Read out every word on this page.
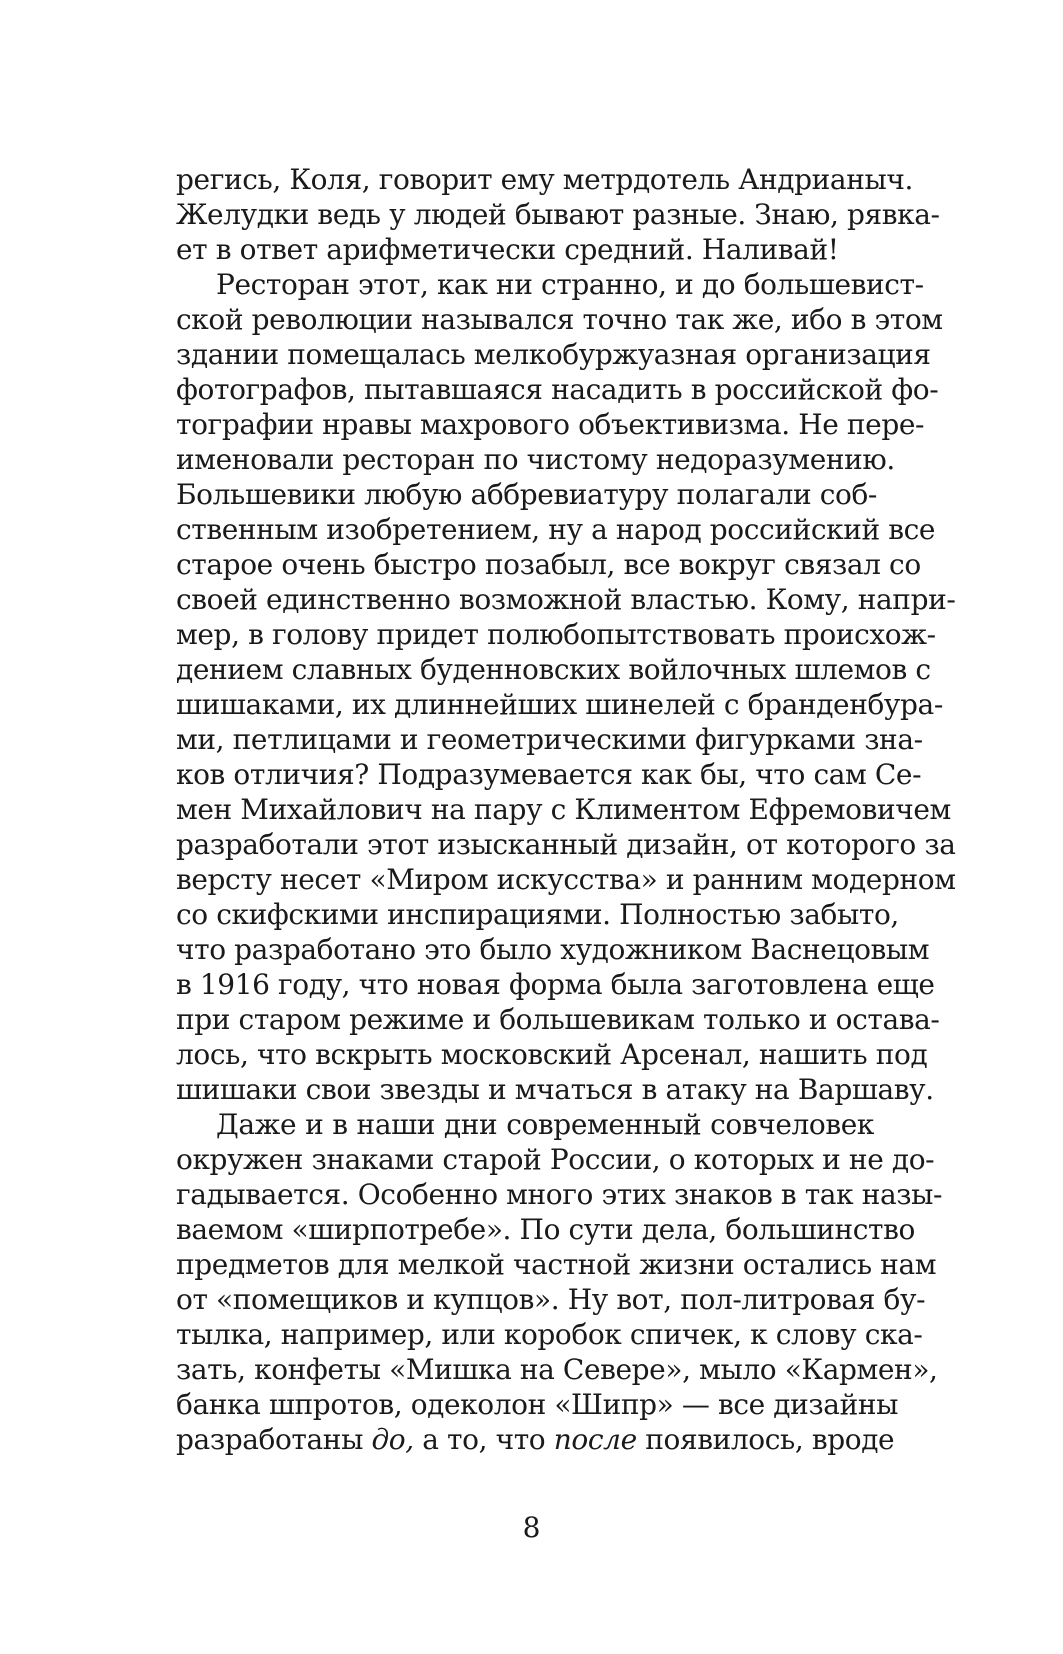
регись, Коля, говорит ему метрдотель Андрианыч.
Желудки ведь у людей бывают разные. Знаю, рявка-
ет в ответ арифметически средний. Наливай!
Ресторан этот, как ни странно, и до большевист-
ской революции назывался точно так же, ибо в этом
здании помещалась мелкобуржуазная организация
фотографов, пытавшаяся насадить в российской фо-
тографии нравы махрового объективизма. Не пере-
именовали ресторан по чистому недоразумению.
Большевики любую аббревиатуру полагали соб-
ственным изобретением, ну а народ российский все
старое очень быстро позабыл, все вокруг связал со
своей единственно возможной властью. Кому, напри-
мер, в голову придет полюбопытствовать происхож-
дением славных буденновских войлочных шлемов с
шишаками, их длиннейших шинелей с бранденбура-
ми, петлицами и геометрическими фигурками зна-
ков отличия? Подразумевается как бы, что сам Се-
мен Михайлович на пару с Климентом Ефремовичем
разработали этот изысканный дизайн, от которого за
версту несет «Миром искусства» и ранним модерном
со скифскими инспирациями. Полностью забыто,
что разработано это было художником Васнецовым
в 1916 году, что новая форма была заготовлена еще
при старом режиме и большевикам только и остава-
лось, что вскрыть московский Арсенал, нашить под
шишаки свои звезды и мчаться в атаку на Варшаву.
Даже и в наши дни современный совчеловек
окружен знаками старой России, о которых и не до-
гадывается. Особенно много этих знаков в так назы-
ваемом «ширпотребе». По сути дела, большинство
предметов для мелкой частной жизни остались нам
от «помещиков и купцов». Ну вот, пол-литровая бу-
тылка, например, или коробок спичек, к слову ска-
зать, конфеты «Мишка на Севере», мыло «Кармен»,
банка шпротов, одеколон «Шипр» — все дизайны
разработаны до, а то, что после появилось, вроде
8
